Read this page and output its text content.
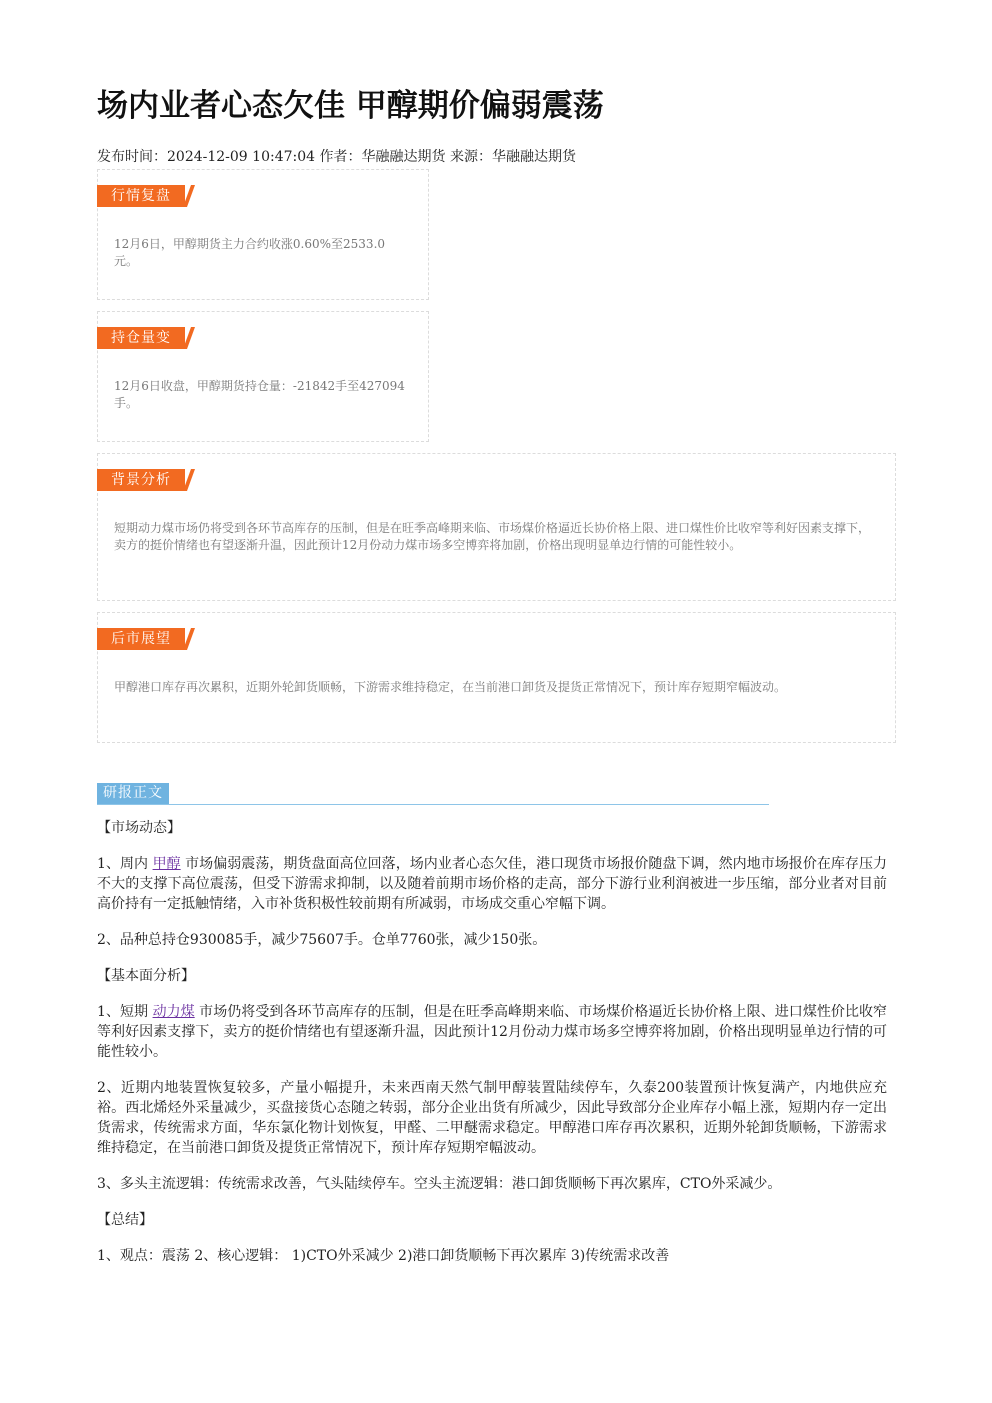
场内业者心态欠佳 甲醇期价偏弱震荡
发布时间：2024-12-09 10:47:04 作者：华融融达期货 来源：华融融达期货
行情复盘
12月6日，甲醇期货主力合约收涨0.60%至2533.0元。
持仓量变化
12月6日收盘，甲醇期货持仓量：-21842手至427094手。
背景分析
短期动力煤市场仍将受到各环节高库存的压制，但是在旺季高峰期来临、市场煤价格逼近长协价格上限、进口煤性价比收窄等利好因素支撑下，卖方的挺价情绪也有望逐渐升温，因此预计12月份动力煤市场多空博弈将加剧，价格出现明显单边行情的可能性较小。
后市展望
甲醇港口库存再次累积，近期外轮卸货顺畅，下游需求维持稳定，在当前港口卸货及提货正常情况下，预计库存短期窄幅波动。
研报正文

【市场动态】

1、周内 甲醇 市场偏弱震荡，期货盘面高位回落，场内业者心态欠佳，港口现货市场报价随盘下调，然内地市场报价在库存压力不大的支撑下高位震荡，但受下游需求抑制，以及随着前期市场价格的走高，部分下游行业利润被进一步压缩，部分业者对目前高价持有一定抵触情绪，入市补货积极性较前期有所减弱，市场成交重心窄幅下调。

2、品种总持仓930085手，减少75607手。仓单7760张，减少150张。

【基本面分析】

1、短期 动力煤 市场仍将受到各环节高库存的压制，但是在旺季高峰期来临、市场煤价格逼近长协价格上限、进口煤性价比收窄等利好因素支撑下，卖方的挺价情绪也有望逐渐升温，因此预计12月份动力煤市场多空博弈将加剧，价格出现明显单边行情的可能性较小。

2、近期内地装置恢复较多，产量小幅提升，未来西南天然气制甲醇装置陆续停车，久泰200装置预计恢复满产，内地供应充裕。西北烯烃外采量减少，买盘接货心态随之转弱，部分企业出货有所减少，因此导致部分企业库存小幅上涨，短期内存一定出货需求，传统需求方面，华东氯化物计划恢复，甲醛、二甲醚需求稳定。甲醇港口库存再次累积，近期外轮卸货顺畅，下游需求维持稳定，在当前港口卸货及提货正常情况下，预计库存短期窄幅波动。

3、多头主流逻辑：传统需求改善，气头陆续停车。空头主流逻辑：港口卸货顺畅下再次累库，CTO外采减少。

【总结】

1、观点：震荡 2、核心逻辑： 1)CTO外采减少 2)港口卸货顺畅下再次累库 3)传统需求改善
